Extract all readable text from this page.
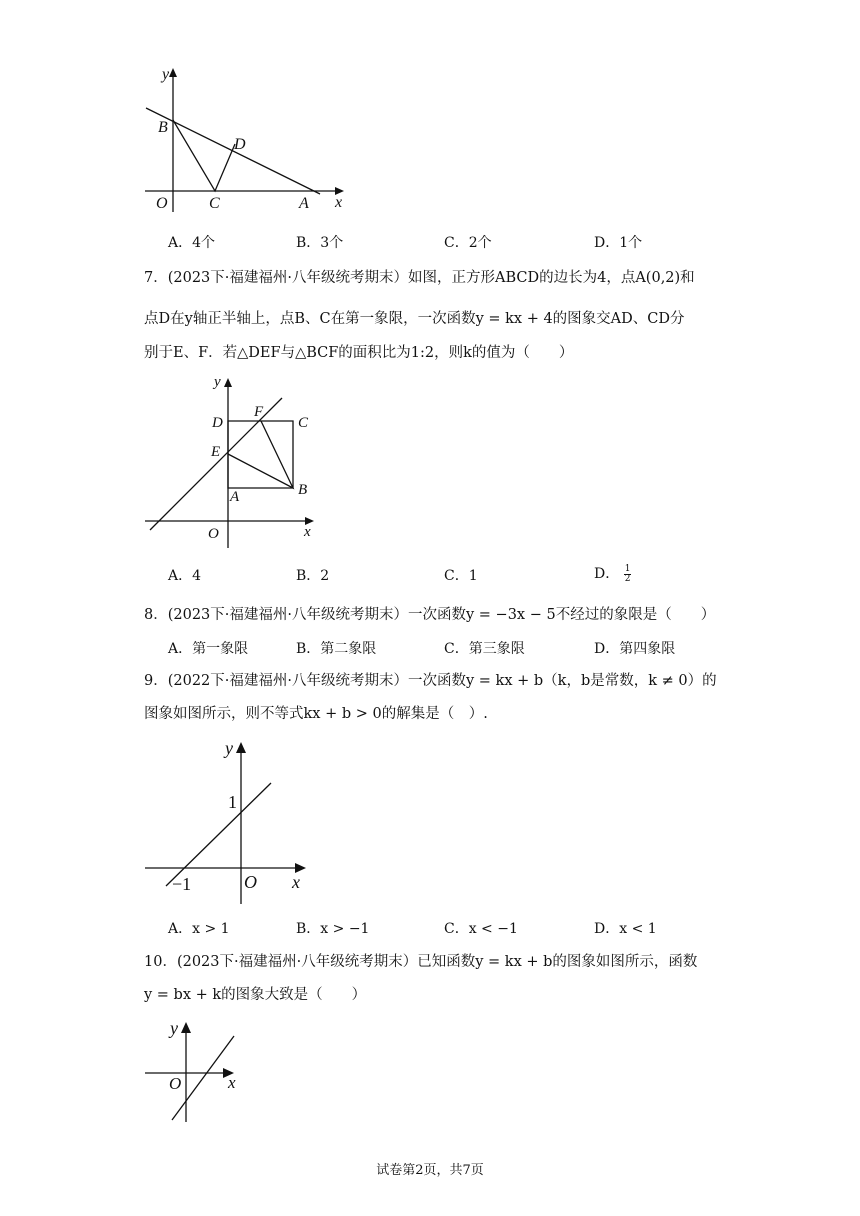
y
B
D
O	C	A x
A．4个	B．3个	C．2个	D．1个
7．(2023下·福建福州·八年级统考期末）如图，正方形ABCD的边长为4，点A(0,2)和
点D在y轴正半轴上，点B、C在第一象限，一次函数y = kx + 4的图象交AD、CD分
别于E、F．若△DEF与△BCF的面积比为1:2，则k的值为（　　）
y
D
F
C
E
A	B
O	x
A．4	B．2	C．1	D． $\frac{1}{2}$
8．(2023下·福建福州·八年级统考期末）一次函数y = −3x − 5不经过的象限是（　　）
A．第一象限	B．第二象限	C．第三象限	D．第四象限
9．(2022下·福建福州·八年级统考期末）一次函数y = kx + b（k，b是常数，k ≠ 0）的
图象如图所示，则不等式kx + b > 0的解集是（　）.
y
1
−1	O x
A．x > 1	B．x > −1	C．x < −1	D．x < 1
10．(2023下·福建福州·八年级统考期末）已知函数y = kx + b的图象如图所示，函数
y = bx + k的图象大致是（　　）
y
O	x
试卷第2页，共7页
